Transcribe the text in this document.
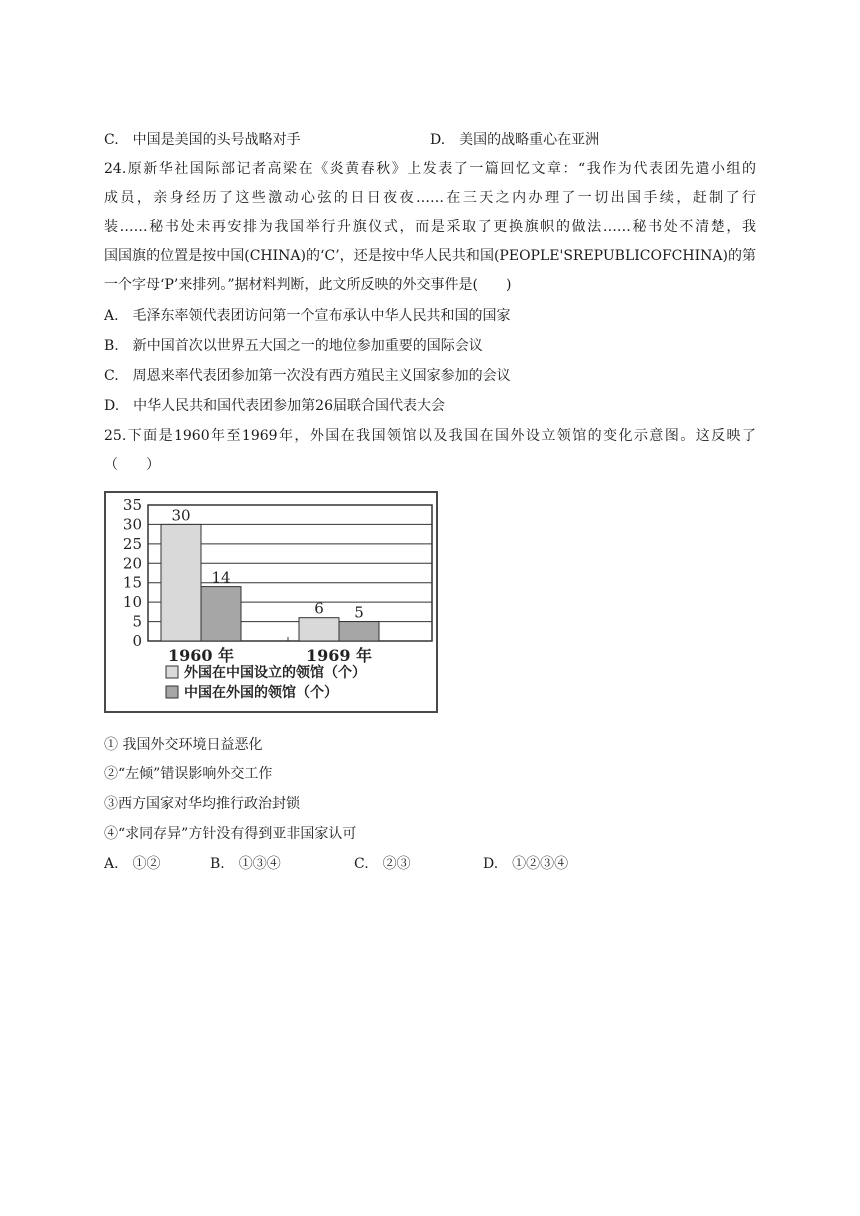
C.　中国是美国的头号战略对手	D.　美国的战略重心在亚洲
24.原新华社国际部记者高梁在《炎黄春秋》上发表了一篇回忆文章：“我作为代表团先遣小组的
成员，亲身经历了这些激动心弦的日日夜夜……在三天之内办理了一切出国手续，赶制了行
装……秘书处未再安排为我国举行升旗仪式，而是采取了更换旗帜的做法……秘书处不清楚，我
国国旗的位置是按中国(CHINA)的‘C’，还是按中华人民共和国(PEOPLE'SREPUBLICOFCHINA)的第
一个字母‘P’来排列。”据材料判断，此文所反映的外交事件是(　　)
A.　毛泽东率领代表团访问第一个宣布承认中华人民共和国的国家
B.　新中国首次以世界五大国之一的地位参加重要的国际会议
C.　周恩来率代表团参加第一次没有西方殖民主义国家参加的会议
D.　中华人民共和国代表团参加第26届联合国代表大会
25.下面是1960年至1969年，外国在我国领馆以及我国在国外设立领馆的变化示意图。这反映了
（　　）
0
5
10
15
20
25
30
35
30
14
1960 年
6 5
1969 年
外国在中国设立的领馆（个）
中国在外国的领馆（个）
① 我国外交环境日益恶化
②“左倾”错误影响外交工作
③西方国家对华均推行政治封锁
④“求同存异”方针没有得到亚非国家认可
A.　①②	B.　①③④	C.　②③	D.　①②③④
